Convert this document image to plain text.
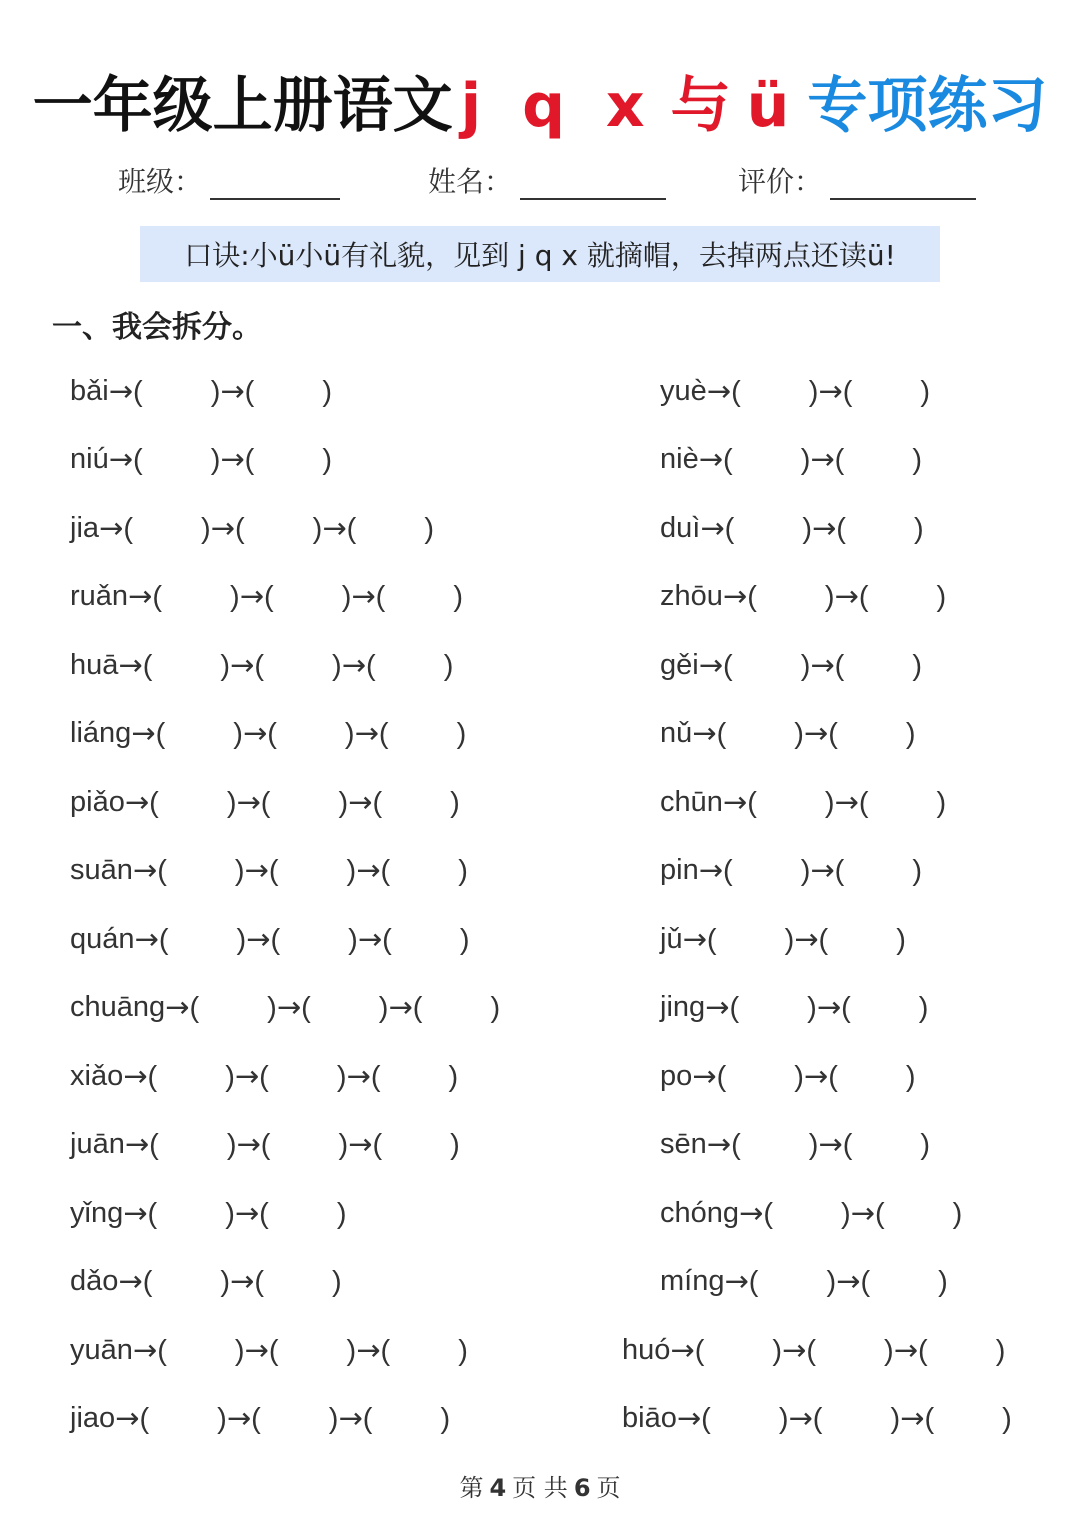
一年级上册语文 j q x 与 ü 专项练习
班级：	姓名：	评价：
口诀:小ü小ü有礼貌，见到 j q x 就摘帽，去掉两点还读ü!
一、我会拆分。
bǎi →( ) →( )
niú →( ) →( )
jia →( ) →( ) →( )
ruǎn →( ) →( ) →( )
huā →( ) →( ) →( )
liáng →( ) →( ) →( )
piǎo →( ) →( ) →( )
suān →( ) →( ) →( )
quán →( ) →( ) →( )
chuāng →( ) →( ) →( )
xiǎo →( ) →( ) →( )
juān →( ) →( ) →( )
yǐng →( ) →( )
dǎo →( ) →( )
yuān →( ) →( ) →( )
jiao →( ) →( ) →( )
yuè →( ) →( )
niè →( ) →( )
duì →( ) →( )
zhōu →( ) →( )
gěi →( ) →( )
nǔ →( ) →( )
chūn →( ) →( )
pin →( ) →( )
jǔ →( ) →( )
jing →( ) →( )
po →( ) →( )
sēn →( ) →( )
chóng →( ) →( )
míng →( ) →( )
huó →( ) →( ) →( )
biāo →( ) →( ) →( )
第 4 页 共 6 页
